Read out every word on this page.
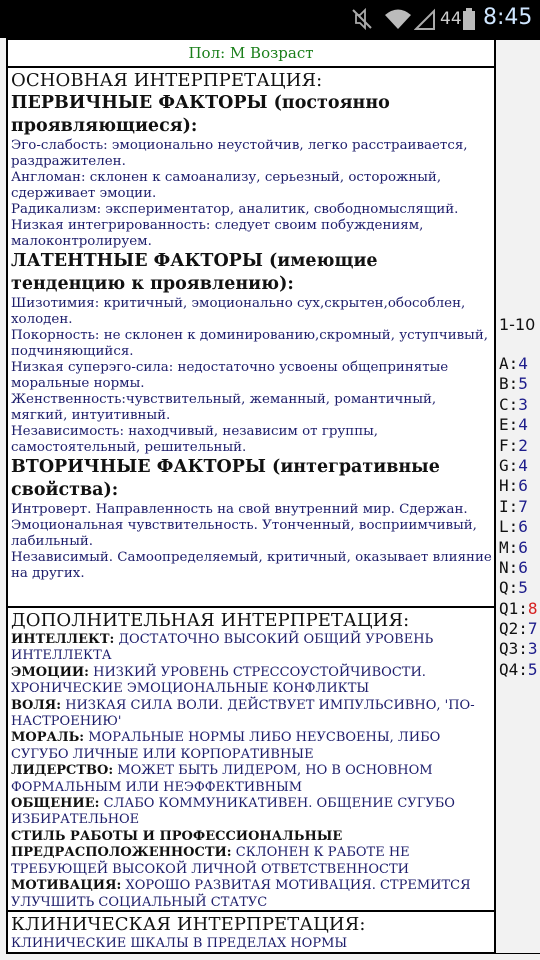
44 8:45
Пол: М Возраст
ОСНОВНАЯ ИНТЕРПРЕТАЦИЯ:
ПЕРВИЧНЫЕ ФАКТОРЫ (постоянно проявляющиеся):

Эго-слабость: эмоционально неустойчив, легко расстраивается, раздражителен.

Англоман: склонен к самоанализу, серьезный, осторожный, сдерживает эмоции.

Радикализм: экспериментатор, аналитик, свободномыслящий.

Низкая интегрированность: следует своим побуждениям, малоконтролируем.

ЛАТЕНТНЫЕ ФАКТОРЫ (имеющие тенденцию к проявлению):

Шизотимия: критичный, эмоционально сух,скрытен,обособлен, холоден.

Покорность: не склонен к доминированию,скромный, уступчивый, подчиняющийся.

Низкая суперэго-сила: недостаточно усвоены общепринятые моральные нормы.

Женственность:чувствительный, жеманный, романтичный, мягкий, интуитивный.

Независимость: находчивый, независим от группы, самостоятельный, решительный.

ВТОРИЧНЫЕ ФАКТОРЫ (интегративные свойства):

Интроверт. Направленность на свой внутренний мир. Сдержан.

Эмоциональная чувствительность. Утонченный, восприимчивый, лабильный.

Независимый. Самоопределяемый, критичный, оказывает влияние на других.

ДОПОЛНИТЕЛЬНАЯ ИНТЕРПРЕТАЦИЯ:

ИНТЕЛЛЕКТ: ДОСТАТОЧНО ВЫСОКИЙ ОБЩИЙ УРОВЕНЬ ИНТЕЛЛЕКТА

ЭМОЦИИ: НИЗКИЙ УРОВЕНЬ СТРЕССОУСТОЙЧИВОСТИ. ХРОНИЧЕСКИЕ ЭМОЦИОНАЛЬНЫЕ КОНФЛИКТЫ

ВОЛЯ: НИЗКАЯ СИЛА ВОЛИ. ДЕЙСТВУЕТ ИМПУЛЬСИВНО, 'ПО-НАСТРОЕНИЮ'

МОРАЛЬ: МОРАЛЬНЫЕ НОРМЫ ЛИБО НЕУСВОЕНЫ, ЛИБО СУГУБО ЛИЧНЫЕ ИЛИ КОРПОРАТИВНЫЕ

ЛИДЕРСТВО: МОЖЕТ БЫТЬ ЛИДЕРОМ, НО В ОСНОВНОМ ФОРМАЛЬНЫМ ИЛИ НЕЭФФЕКТИВНЫМ

ОБЩЕНИЕ: СЛАБО КОММУНИКАТИВЕН. ОБЩЕНИЕ СУГУБО ИЗБИРАТЕЛЬНОЕ

СТИЛЬ РАБОТЫ И ПРОФЕССИОНАЛЬНЫЕ ПРЕДРАСПОЛОЖЕННОСТИ: СКЛОНЕН К РАБОТЕ НЕ ТРЕБУЮЩЕЙ ВЫСОКОЙ ЛИЧНОЙ ОТВЕТСТВЕННОСТИ

МОТИВАЦИЯ: ХОРОШО РАЗВИТАЯ МОТИВАЦИЯ. СТРЕМИТСЯ УЛУЧШИТЬ СОЦИАЛЬНЫЙ СТАТУС

КЛИНИЧЕСКАЯ ИНТЕРПРЕТАЦИЯ:

КЛИНИЧЕСКИЕ ШКАЛЫ В ПРЕДЕЛАХ НОРМЫ

1-10
A:4
B:5
C:3
E:4
F:2
G:4
H:6
I:7
L:6
M:6
N:6
Q:5
Q1:8
Q2:7
Q3:3
Q4:5
